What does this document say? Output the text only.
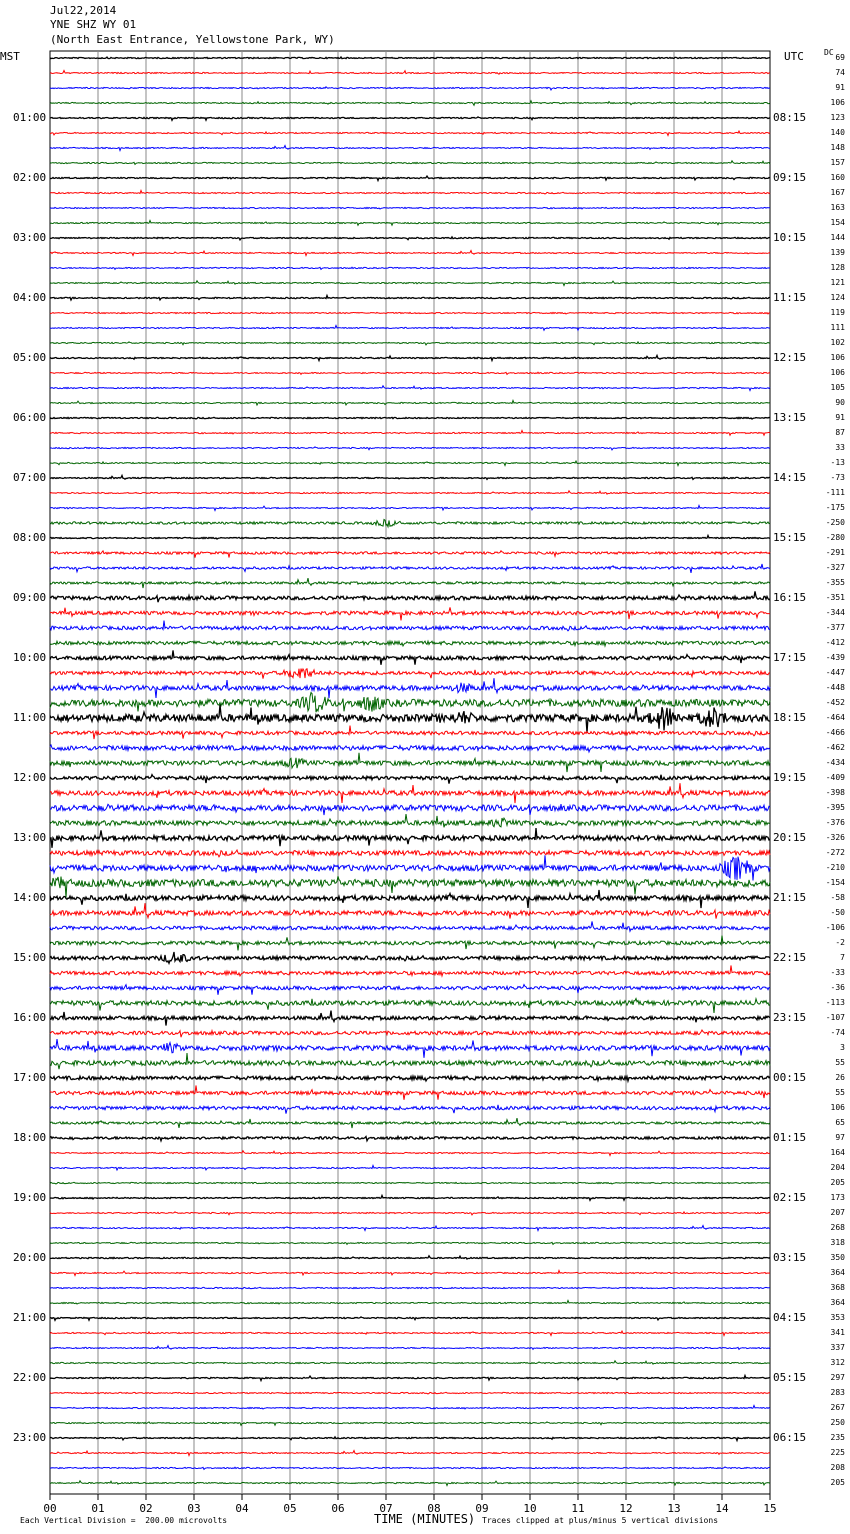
Jul22,2014
YNE SHZ WY 01
(North East Entrance, Yellowstone Park, WY)
MST	UTC	DC
00	01	02	03	04	05	06	07	08	09	10	11	12	13	14	15
01:00
02:00
03:00
04:00
05:00
06:00
07:00
08:00
09:00
10:00
11:00
12:00
13:00
14:00
15:00
16:00
17:00
18:00
19:00
20:00
21:00
22:00
23:00
08:15
09:15
10:15
11:15
12:15
13:15
14:15
15:15
16:15
17:15
18:15
19:15
20:15
21:15
22:15
23:15
00:15
01:15
02:15
03:15
04:15
05:15
06:15
69
74
91
106
123
140
148
157
160
167
163
154
144
139
128
121
124
119
111
102
106
106
105
90
91
87
33
-13
-73
-111
-175
-250
-280
-291
-327
-355
-351
-344
-377
-412
-439
-447
-448
-452
-464
-466
-462
-434
-409
-398
-395
-376
-326
-272
-210
-154
-58
-50
-106
-2
7
-33
-36
-113
-107
-74
3
55
26
55
106
65
97
164
204
205
173
207
268
318
350
364
368
364
353
341
337
312
297
283
267
250
235
225
208
205
Each Vertical Division =  200.00 microvolts	TIME (MINUTES) Traces clipped at plus/minus 5 vertical divisions
